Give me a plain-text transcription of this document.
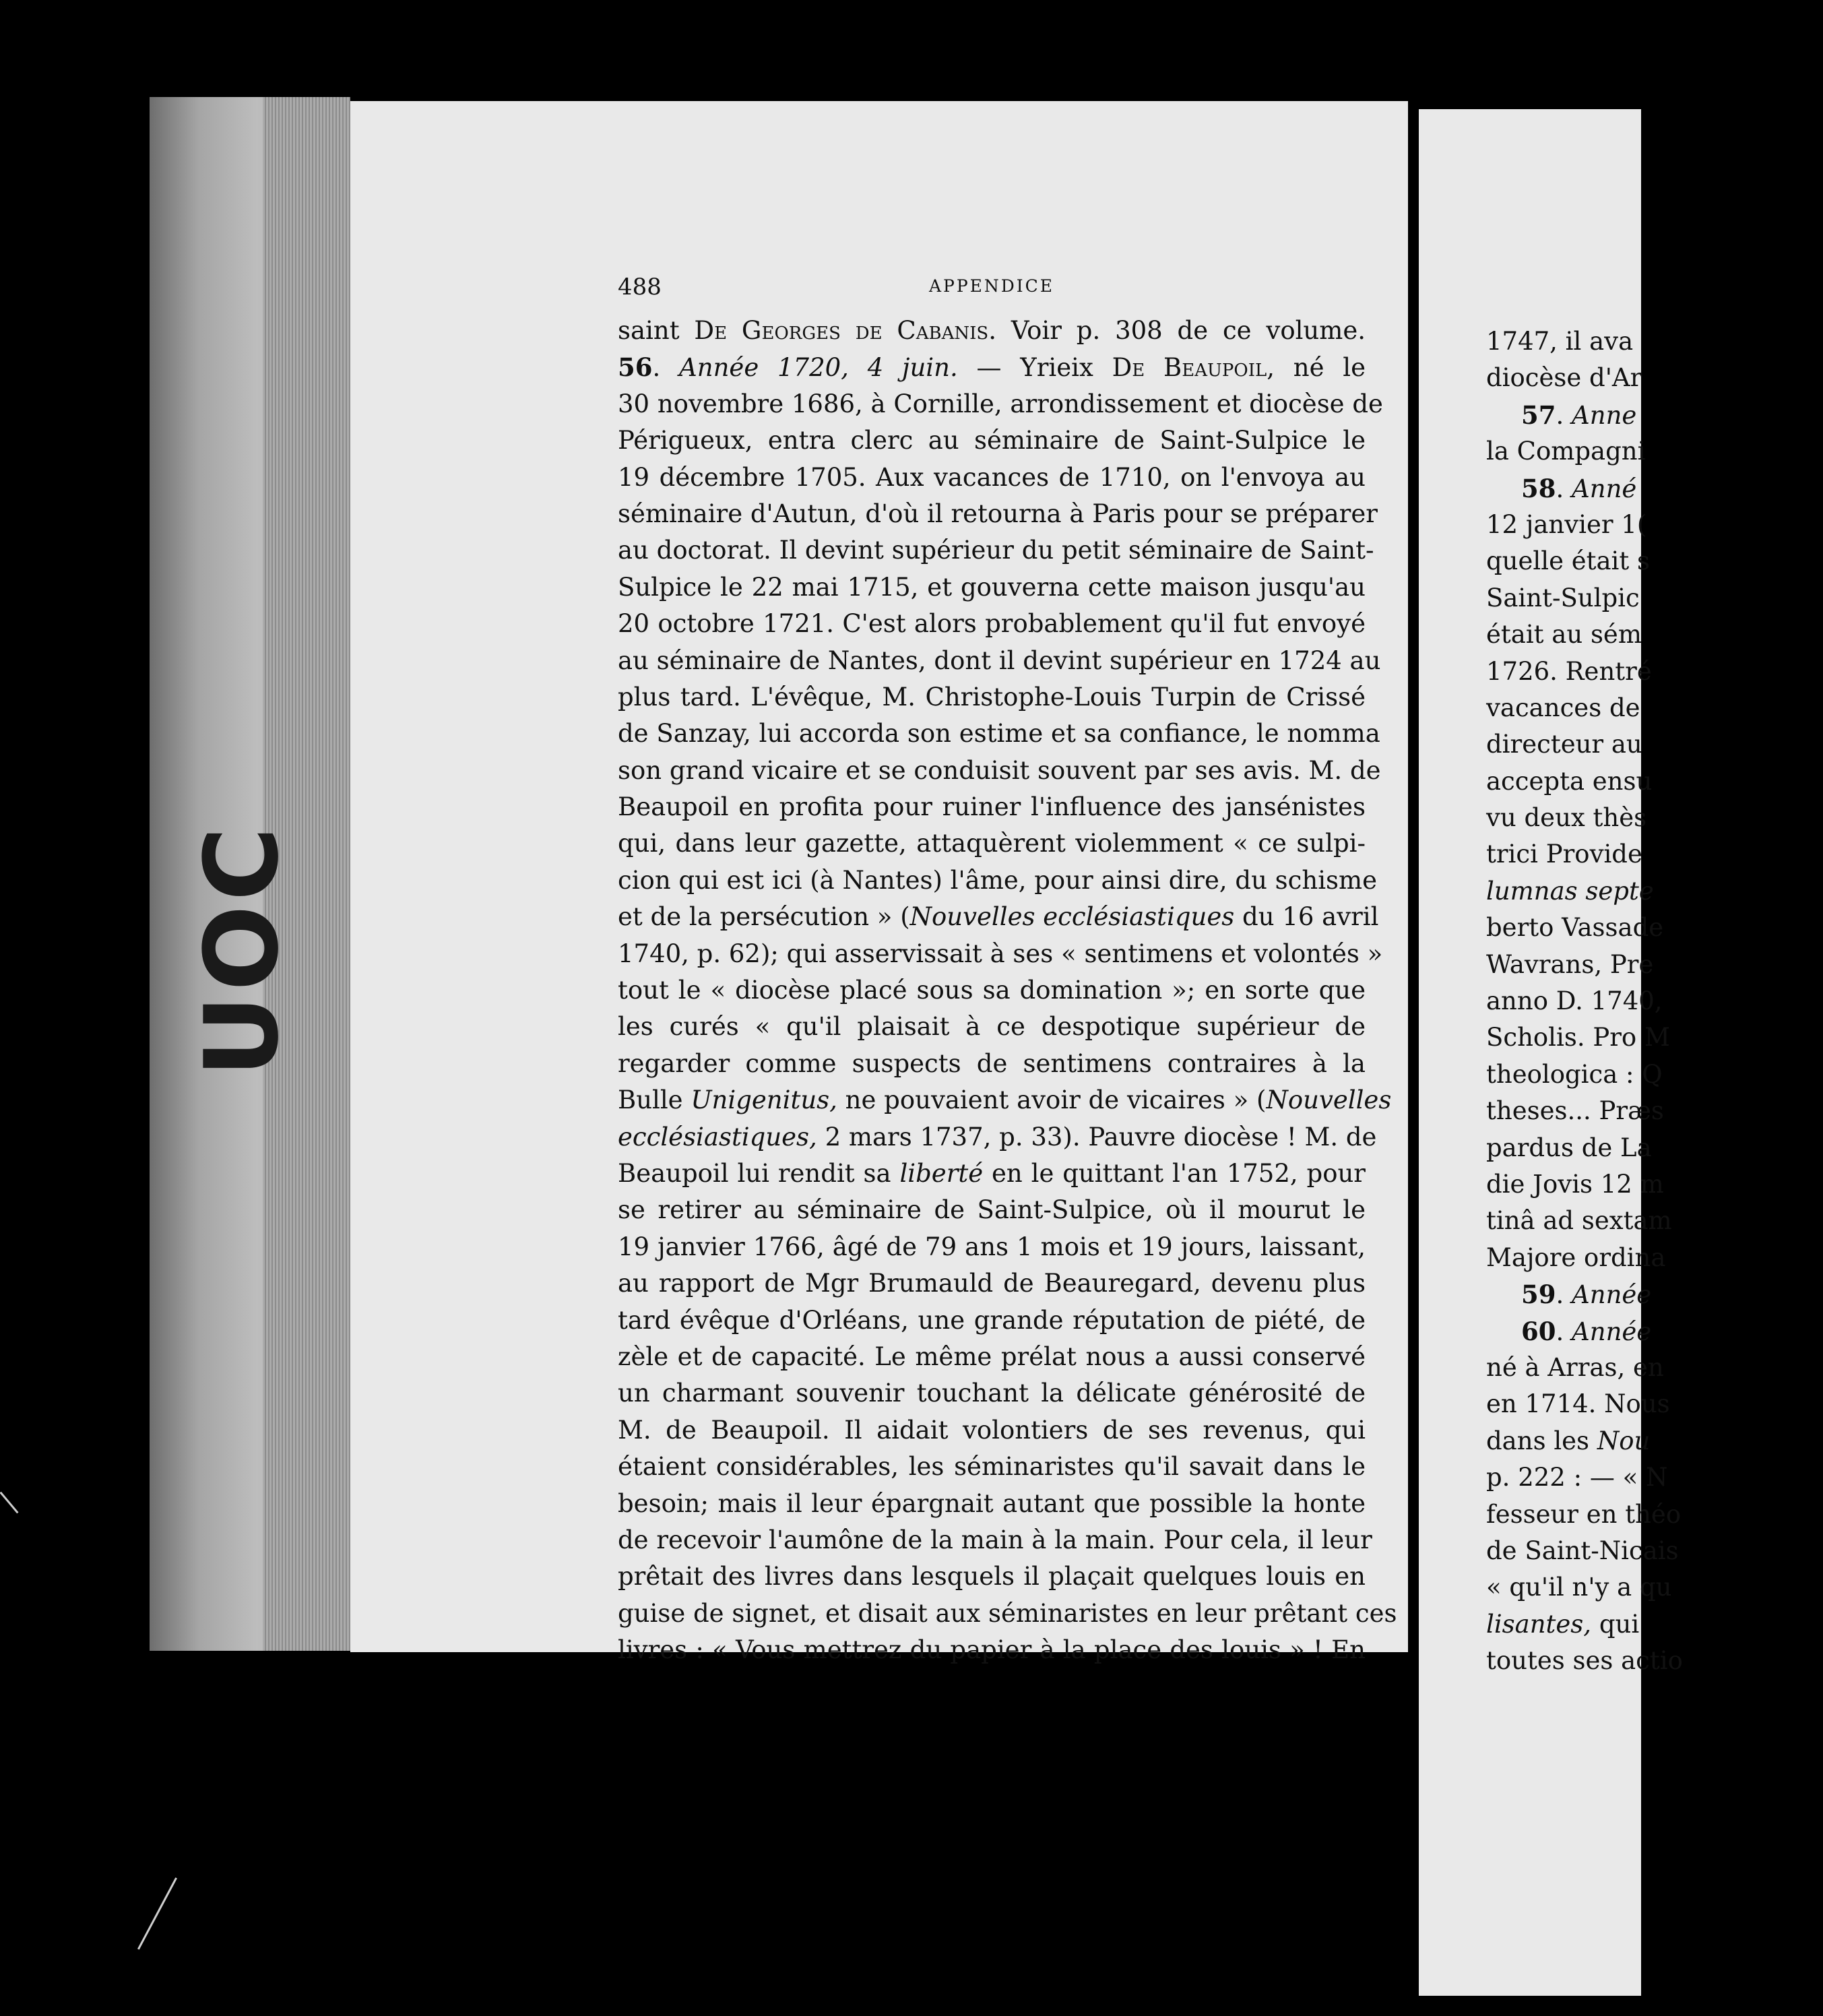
UOC
488	APPENDICE
saint De Georges de Cabanis. Voir p. 308 de ce volume.
56. Année 1720, 4 juin. — Yrieix De Beaupoil, né le
30 novembre 1686, à Cornille, arrondissement et diocèse de
Périgueux, entra clerc au séminaire de Saint-Sulpice le
19 décembre 1705. Aux vacances de 1710, on l'envoya au
séminaire d'Autun, d'où il retourna à Paris pour se préparer
au doctorat. Il devint supérieur du petit séminaire de Saint-
Sulpice le 22 mai 1715, et gouverna cette maison jusqu'au
20 octobre 1721. C'est alors probablement qu'il fut envoyé
au séminaire de Nantes, dont il devint supérieur en 1724 au
plus tard. L'évêque, M. Christophe-Louis Turpin de Crissé
de Sanzay, lui accorda son estime et sa confiance, le nomma
son grand vicaire et se conduisit souvent par ses avis. M. de
Beaupoil en profita pour ruiner l'influence des jansénistes
qui, dans leur gazette, attaquèrent violemment « ce sulpi-
cion qui est ici (à Nantes) l'âme, pour ainsi dire, du schisme
et de la persécution » (Nouvelles ecclésiastiques du 16 avril
1740, p. 62); qui asservissait à ses « sentimens et volontés »
tout le « diocèse placé sous sa domination »; en sorte que
les curés « qu'il plaisait à ce despotique supérieur de
regarder comme suspects de sentimens contraires à la
Bulle Unigenitus, ne pouvaient avoir de vicaires » (Nouvelles
ecclésiastiques, 2 mars 1737, p. 33). Pauvre diocèse ! M. de
Beaupoil lui rendit sa liberté en le quittant l'an 1752, pour
se retirer au séminaire de Saint-Sulpice, où il mourut le
19 janvier 1766, âgé de 79 ans 1 mois et 19 jours, laissant,
au rapport de Mgr Brumauld de Beauregard, devenu plus
tard évêque d'Orléans, une grande réputation de piété, de
zèle et de capacité. Le même prélat nous a aussi conservé
un charmant souvenir touchant la délicate générosité de
M. de Beaupoil. Il aidait volontiers de ses revenus, qui
étaient considérables, les séminaristes qu'il savait dans le
besoin; mais il leur épargnait autant que possible la honte
de recevoir l'aumône de la main à la main. Pour cela, il leur
prêtait des livres dans lesquels il plaçait quelques louis en
guise de signet, et disait aux séminaristes en leur prêtant ces
livres : « Vous mettrez du papier à la place des louis » ! En
1747, il ava
diocèse d'Ar
57. Anne
la Compagni
58. Anné
12 janvier 1(
quelle était s
Saint-Sulpic
était au sém
1726. Rentré
vacances de
directeur au
accepta ensu
vu deux thès
trici Provide
lumnas septe
berto Vassade
Wavrans, Pre
anno D. 1740,
Scholis. Pro M
theologica : Q
theses... Præs
pardus de La
die Jovis 12 m
tinâ ad sextam
Majore ordina
59. Année
60. Année
né à Arras, en
en 1714. Nous
dans les Nou
p. 222 : — « N
fesseur en théo
de Saint-Nicais
« qu'il n'y a qu
lisantes, qui
toutes ses actio
